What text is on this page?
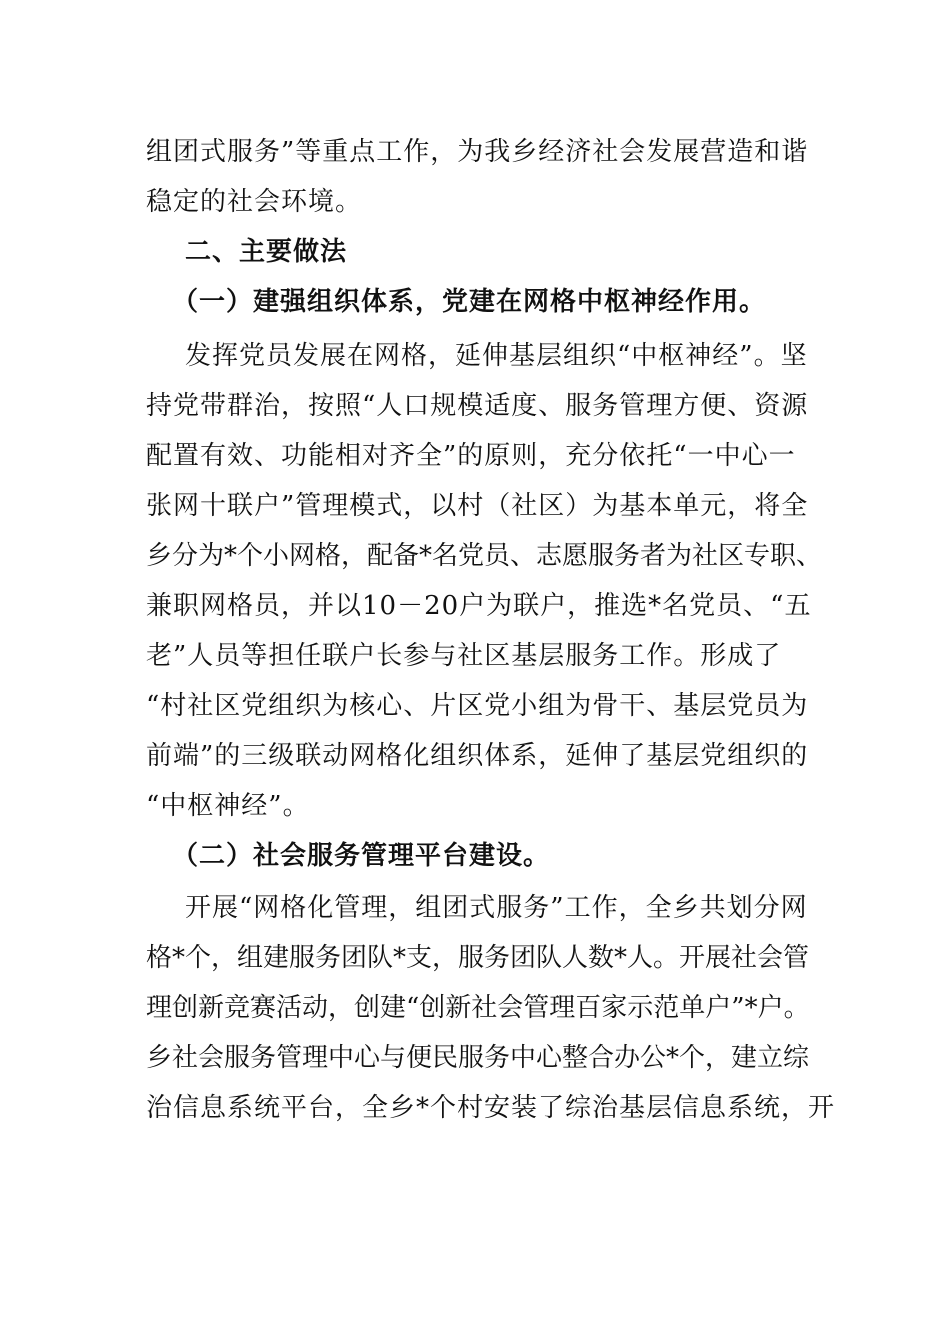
组团式服务”等重点工作，为我乡经济社会发展营造和谐
稳定的社会环境。
二、主要做法
（一）建强组织体系，党建在网格中枢神经作用。
发挥党员发展在网格，延伸基层组织“中枢神经”。坚
持党带群治，按照“人口规模适度、服务管理方便、资源
配置有效、功能相对齐全”的原则，充分依托“一中心一
张网十联户”管理模式，以村（社区）为基本单元，将全
乡分为*个小网格，配备*名党员、志愿服务者为社区专职、
兼职网格员，并以10－20户为联户，推选*名党员、“五
老”人员等担任联户长参与社区基层服务工作。形成了
“村社区党组织为核心、片区党小组为骨干、基层党员为
前端”的三级联动网格化组织体系，延伸了基层党组织的
“中枢神经”。
（二）社会服务管理平台建设。
开展“网格化管理，组团式服务”工作，全乡共划分网
格*个，组建服务团队*支，服务团队人数*人。开展社会管
理创新竞赛活动，创建“创新社会管理百家示范单户”*户。
乡社会服务管理中心与便民服务中心整合办公*个，建立综
治信息系统平台，全乡*个村安装了综治基层信息系统，开
